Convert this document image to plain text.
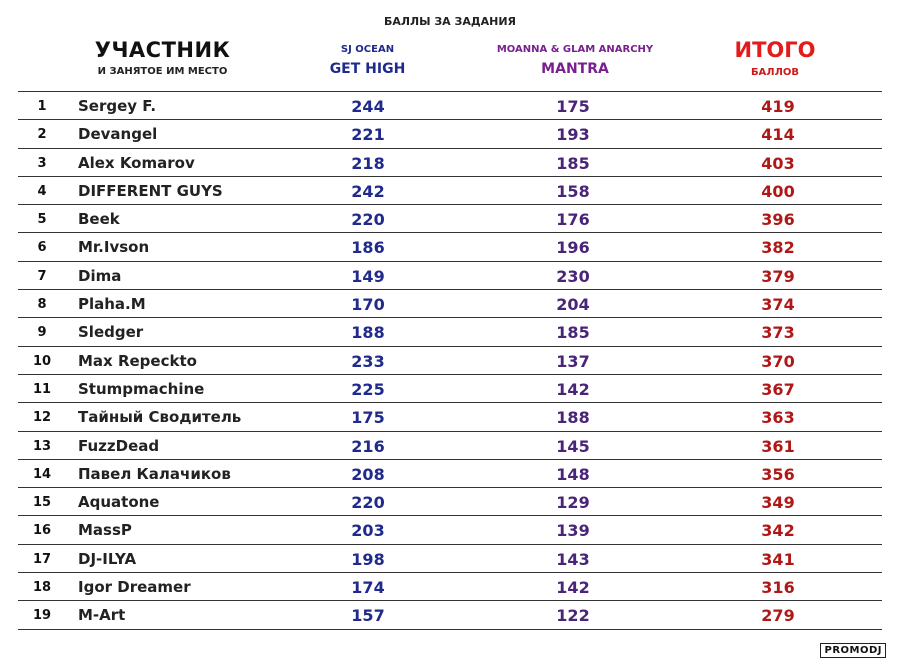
БАЛЛЫ ЗА ЗАДАНИЯ
УЧАСТНИК
И ЗАНЯТОЕ ИМ МЕСТО
SJ OCEAN
GET HIGH
MOANNA & GLAM ANARCHY
MANTRA
ИТОГО
БАЛЛОВ
1	Sergey F.	244	175	419
2	Devangel	221	193	414
3	Alex Komarov	218	185	403
4	DIFFERENT GUYS	242	158	400
5	Beek	220	176	396
6	Mr.Ivson	186	196	382
7	Dima	149	230	379
8	Plaha.M	170	204	374
9	Sledger	188	185	373
10	Max Repeckto	233	137	370
11	Stumpmachine	225	142	367
12	Тайный Сводитель	175	188	363
13	FuzzDead	216	145	361
14	Павел Калачиков	208	148	356
15	Aquatone	220	129	349
16	MassP	203	139	342
17	DJ-ILYA	198	143	341
18	Igor Dreamer	174	142	316
19	M-Art	157	122	279
PROMODJ
